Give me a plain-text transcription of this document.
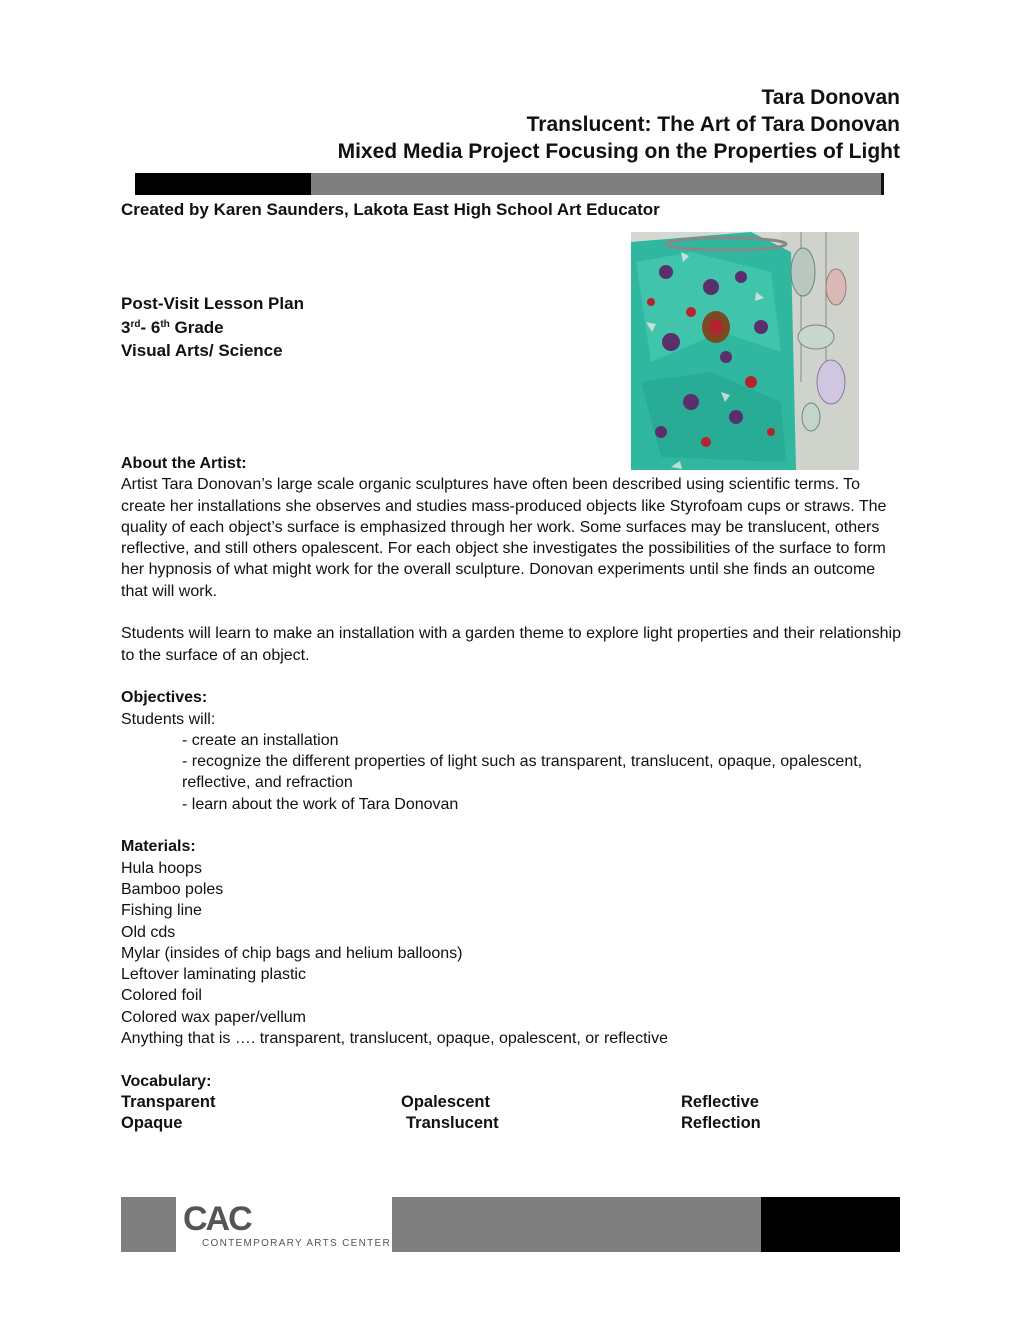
Tara Donovan
Translucent: The Art of Tara Donovan
Mixed Media Project Focusing on the Properties of Light
Created by Karen Saunders, Lakota East High School Art Educator
Post-Visit Lesson Plan
3rd- 6th Grade
Visual Arts/ Science
About the Artist:
Artist Tara Donovan’s large scale organic sculptures have often been described using scientific terms. To create her installations she observes and studies mass-produced objects like Styrofoam cups or straws. The quality of each object’s surface is emphasized through her work. Some surfaces may be translucent, others reflective, and still others opalescent. For each object she investigates the possibilities of the surface to form her hypnosis of what might work for the overall sculpture. Donovan experiments until she finds an outcome that will work.
Students will learn to make an installation with a garden theme to explore light properties and their relationship to the surface of an object.
Objectives:
Students will:
- create an installation
- recognize the different properties of light such as transparent, translucent, opaque, opalescent, reflective, and refraction
- learn about the work of Tara Donovan
Materials:
Hula hoops
Bamboo poles
Fishing line
Old cds
Mylar (insides of chip bags and helium balloons)
Leftover laminating plastic
Colored foil
Colored wax paper/vellum
Anything that is …. transparent, translucent, opaque, opalescent, or reflective
Vocabulary:
Transparent	Opalescent	Reflective
Opaque	Translucent	Reflection
CAC
CONTEMPORARY ARTS CENTER
